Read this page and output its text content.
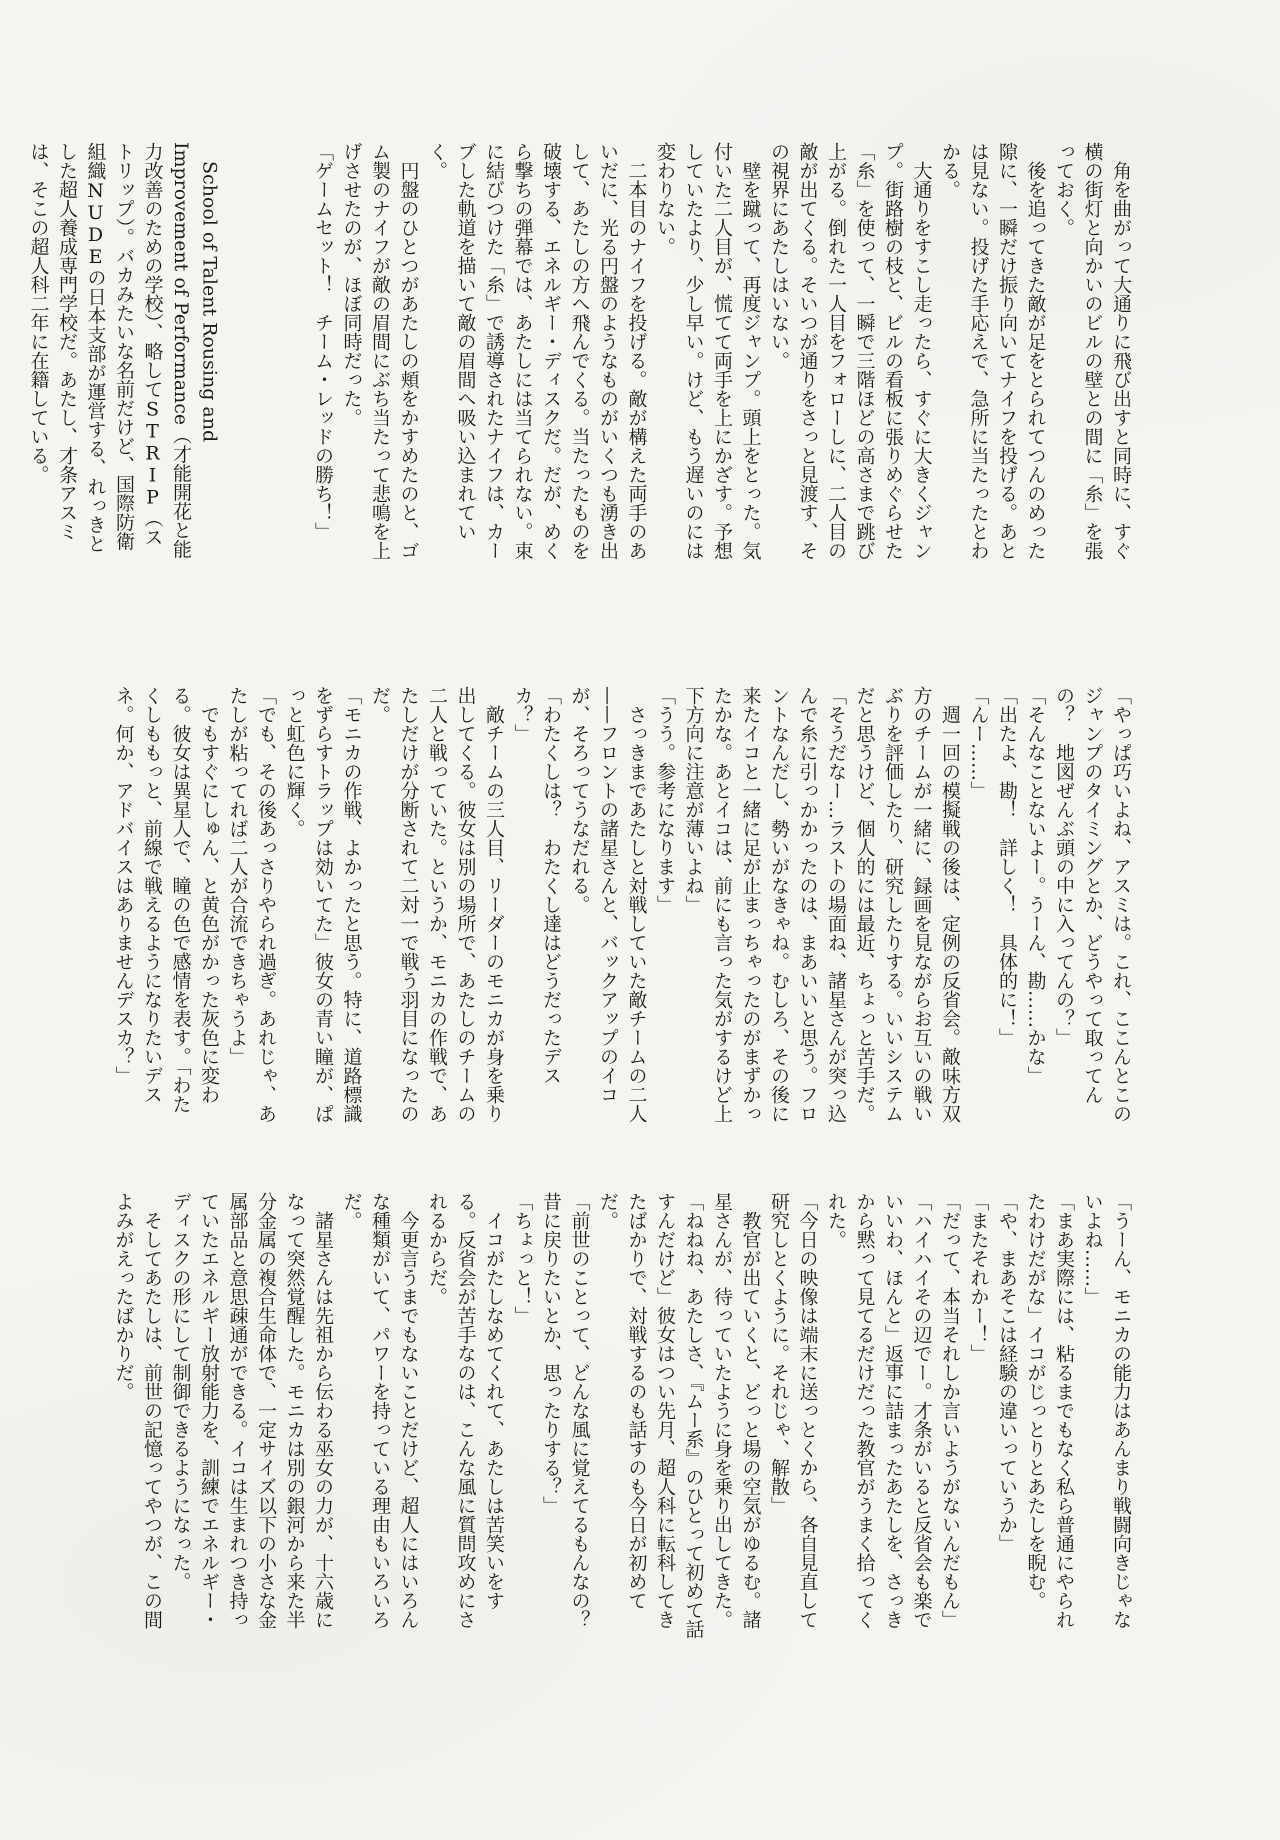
角を曲がって大通りに飛び出すと同時に、すぐ横の街灯と向かいのビルの壁との間に「糸」を張っておく。

後を追ってきた敵が足をとられてつんのめった隙に、一瞬だけ振り向いてナイフを投げる。あとは見ない。投げた手応えで、急所に当たったとわかる。

大通りをすこし走ったら、すぐに大きくジャンプ。街路樹の枝と、ビルの看板に張りめぐらせた「糸」を使って、一瞬で三階ほどの高さまで跳び上がる。倒れた一人目をフォローしに、二人目の敵が出てくる。そいつが通りをさっと見渡す、その視界にあたしはいない。

壁を蹴って、再度ジャンプ。頭上をとった。気付いた二人目が、慌てて両手を上にかざす。予想していたより、少し早い。けど、もう遅いのには変わりない。

二本目のナイフを投げる。敵が構えた両手のあいだに、光る円盤のようなものがいくつも湧き出して、あたしの方へ飛んでくる。当たったものを破壊する、エネルギー・ディスクだ。だが、めくら撃ちの弾幕では、あたしには当てられない。束に結びつけた「糸」で誘導されたナイフは、カーブした軌道を描いて敵の眉間へ吸い込まれていく。

円盤のひとつがあたしの頬をかすめたのと、ゴム製のナイフが敵の眉間にぶち当たって悲鳴を上げさせたのが、ほぼ同時だった。

「ゲームセット！　チーム・レッドの勝ち！」

School of Talent Rousing and Improvement of Performance（才能開花と能力改善のための学校）、略してSTRIP（ストリップ）。バカみたいな名前だけど、国際防衛組織NUDEの日本支部が運営する、れっきとした超人養成専門学校だ。あたし、才条アスミは、そこの超人科二年に在籍している。

「やっぱ巧いよね、アスミは。これ、ここんとこのジャンプのタイミングとか、どうやって取ってんの？　地図ぜんぶ頭の中に入ってんの？」

「そんなことないよー。うーん、勘……かな」

「出たよ、勘！　詳しく！　具体的に！」

「んー……」

週一回の模擬戦の後は、定例の反省会。敵味方双方のチームが一緒に、録画を見ながらお互いの戦いぶりを評価したり、研究したりする。いいシステムだと思うけど、個人的には最近、ちょっと苦手だ。

「そうだなー…ラストの場面ね、諸星さんが突っ込んで糸に引っかかったのは、まあいいと思う。フロントなんだし、勢いがなきゃね。むしろ、その後に来たイコと一緒に足が止まっちゃったのがまずかったかな。あとイコは、前にも言った気がするけど上下方向に注意が薄いよね」

「うう。参考になります」

さっきまであたしと対戦していた敵チームの二人——フロントの諸星さんと、バックアップのイコが、そろってうなだれる。

「わたくしは？　わたくし達はどうだったデスカ？」

敵チームの三人目、リーダーのモニカが身を乗り出してくる。彼女は別の場所で、あたしのチームの二人と戦っていた。というか、モニカの作戦で、あたしだけが分断されて二対一で戦う羽目になったのだ。

「モニカの作戦、よかったと思う。特に、道路標識をずらすトラップは効いてた」彼女の青い瞳が、ぱっと虹色に輝く。

「でも、その後あっさりやられ過ぎ。あれじゃ、あたしが粘ってれば二人が合流できちゃうよ」

でもすぐにしゅん、と黄色がかった灰色に変わる。彼女は異星人で、瞳の色で感情を表す。「わたくしももっと、前線で戦えるようになりたいデスネ。何か、アドバイスはありませんデスカ？」

「うーん、モニカの能力はあんまり戦闘向きじゃないよね……」

「まあ実際には、粘るまでもなく私ら普通にやられたわけだがな」イコがじっとりとあたしを睨む。

「や、まあそこは経験の違いっていうか」

「またそれかー！」

「だって、本当それしか言いようがないんだもん」

「ハイハイその辺でー。才条がいると反省会も楽でいいわ、ほんと」返事に詰まったあたしを、さっきから黙って見てるだけだった教官がうまく拾ってくれた。

「今日の映像は端末に送っとくから、各自見直して研究しとくように。それじゃ、解散」

教官が出ていくと、どっと場の空気がゆるむ。諸星さんが、待っていたように身を乗り出してきた。

「ねねね、あたしさ、『ムー系』のひとって初めて話すんだけど」彼女はつい先月、超人科に転科してきたばかりで、対戦するのも話すのも今日が初めてだ。

「前世のことって、どんな風に覚えてるもんなの？　昔に戻りたいとか、思ったりする？」

「ちょっと！」

イコがたしなめてくれて、あたしは苦笑いをする。反省会が苦手なのは、こんな風に質問攻めにされるからだ。

今更言うまでもないことだけど、超人にはいろんな種類がいて、パワーを持っている理由もいろいろだ。

諸星さんは先祖から伝わる巫女の力が、十六歳になって突然覚醒した。モニカは別の銀河から来た半分金属の複合生命体で、一定サイズ以下の小さな金属部品と意思疎通ができる。イコは生まれつき持っていたエネルギー放射能力を、訓練でエネルギー・ディスクの形にして制御できるようになった。

そしてあたしは、前世の記憶ってやつが、この間よみがえったばかりだ。
